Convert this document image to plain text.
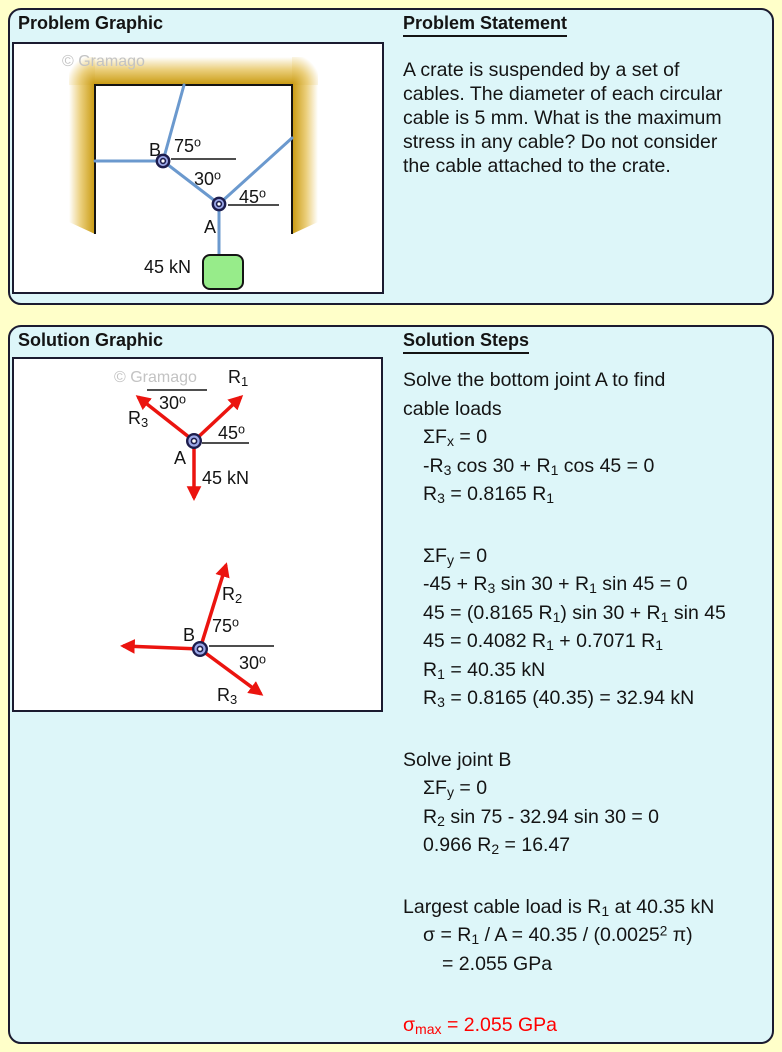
Problem Graphic
© Gramago
B 75$^o$
30$^o$
45$^o$
A
45 kN
Problem Statement
A crate is suspended by a set of
cables. The diameter of each circular
cable is 5 mm. What is the maximum
stress in any cable? Do not consider
the cable attached to the crate.
Solution Graphic
© Gramago $R_1$
30$^o$
$R_3$
45$^o$
A
45 kN
$R_2$
75$^o$
B
30$^o$
$R_3$
Solution Steps
Solve the bottom joint A to find
cable loads
$\Sigma F_x = 0$
$-R_3$ $\cos 30 + R_1$ cos 45 = 0
$R_3 = 0.8165$ $R_1$
$\Sigma F_y = 0$
$-45 + R_3$ $\sin 30 + R_1$ sin 45 = 0
45 = (0.8165 $R_1$) $\sin 30 + R_1$ sin 45
45 = 0.4082 $R_1 + 0.7071$ $R_1$
$R_1 = 40.35$ kN
$R_3 = 0.8165$ (40.35) = 32.94 kN
Solve joint B
$\Sigma F_y = 0$
$R_2$ sin 75 - 32.94 sin 30 = 0
0.966 $R_2 = 16.47$
Largest cable load is $R_1$ at 40.35 kN
$\sigma = R_1 / A = 40.35 / (0.0025^2$ π)
= 2.055 GPa
$\sigma_{max} = 2.055$ GPa
